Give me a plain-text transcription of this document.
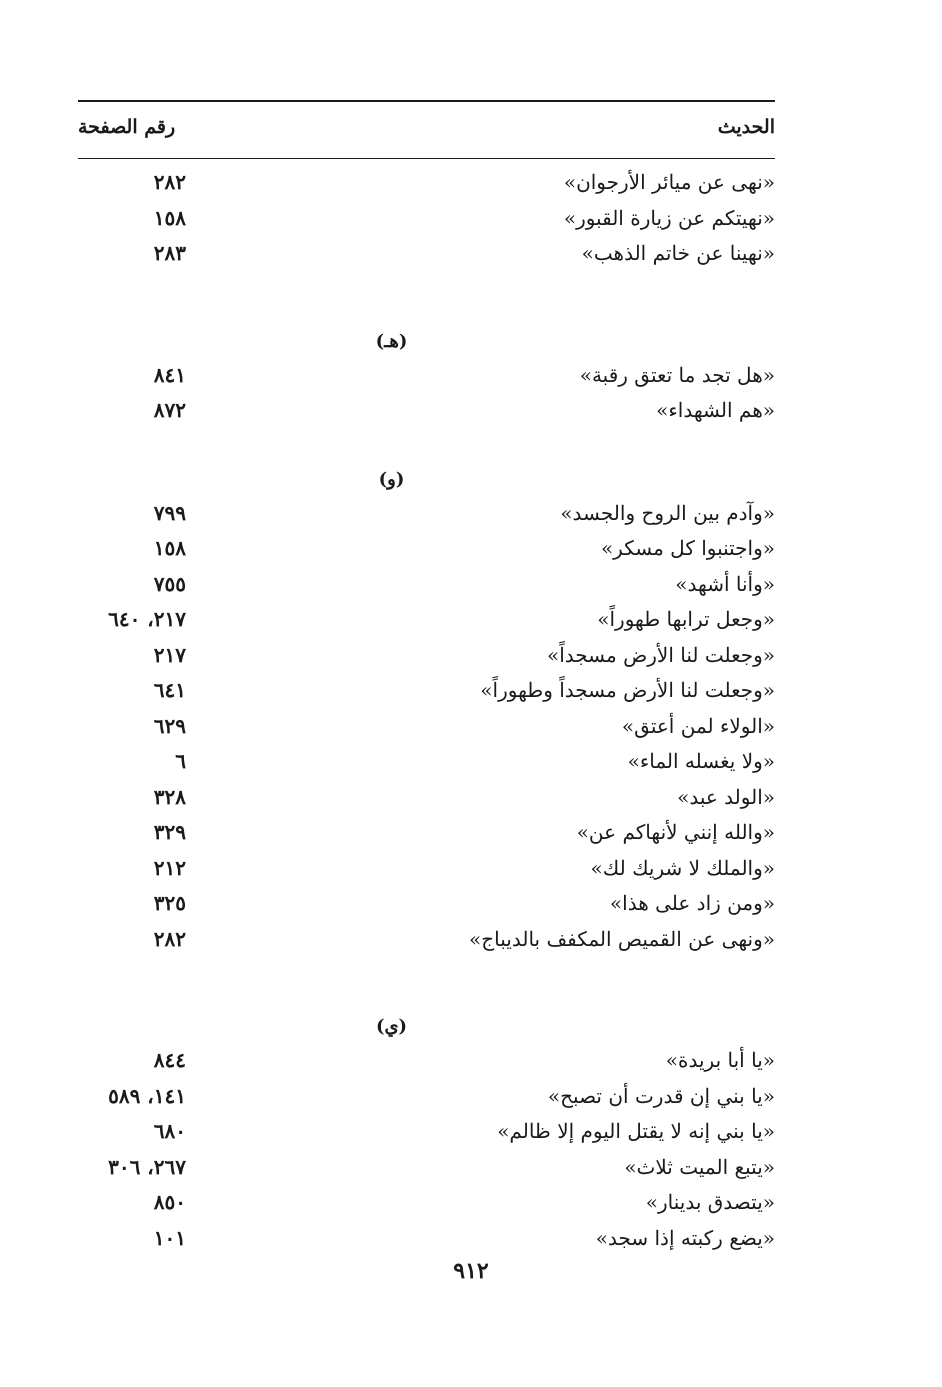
الحديث
رقم الصفحة
«نهى عن ميائر الأرجوان»
٢٨٢
«نهيتكم عن زيارة القبور»
١٥٨
«نهينا عن خاتم الذهب»
٢٨٣
(هـ)
«هل تجد ما تعتق رقبة»
٨٤١
«هم الشهداء»
٨٧٢
(و)
«وآدم بين الروح والجسد»
٧٩٩
«واجتنبوا كل مسكر»
١٥٨
«وأنا أشهد»
٧٥٥
«وجعل ترابها طهوراً»
٢١٧، ٦٤٠
«وجعلت لنا الأرض مسجداً»
٢١٧
«وجعلت لنا الأرض مسجداً وطهوراً»
٦٤١
«الولاء لمن أعتق»
٦٢٩
«ولا يغسله الماء»
٦
«الولد عبد»
٣٢٨
«والله إنني لأنهاكم عن»
٣٢٩
«والملك لا شريك لك»
٢١٢
«ومن زاد على هذا»
٣٢٥
«ونهى عن القميص المكفف بالديباج»
٢٨٢
(ي)
«يا أبا بريدة»
٨٤٤
«يا بني إن قدرت أن تصبح»
١٤١، ٥٨٩
«يا بني إنه لا يقتل اليوم إلا ظالم»
٦٨٠
«يتبع الميت ثلاث»
٢٦٧، ٣٠٦
«يتصدق بدينار»
٨٥٠
«يضع ركبته إذا سجد»
١٠١
٩١٢
